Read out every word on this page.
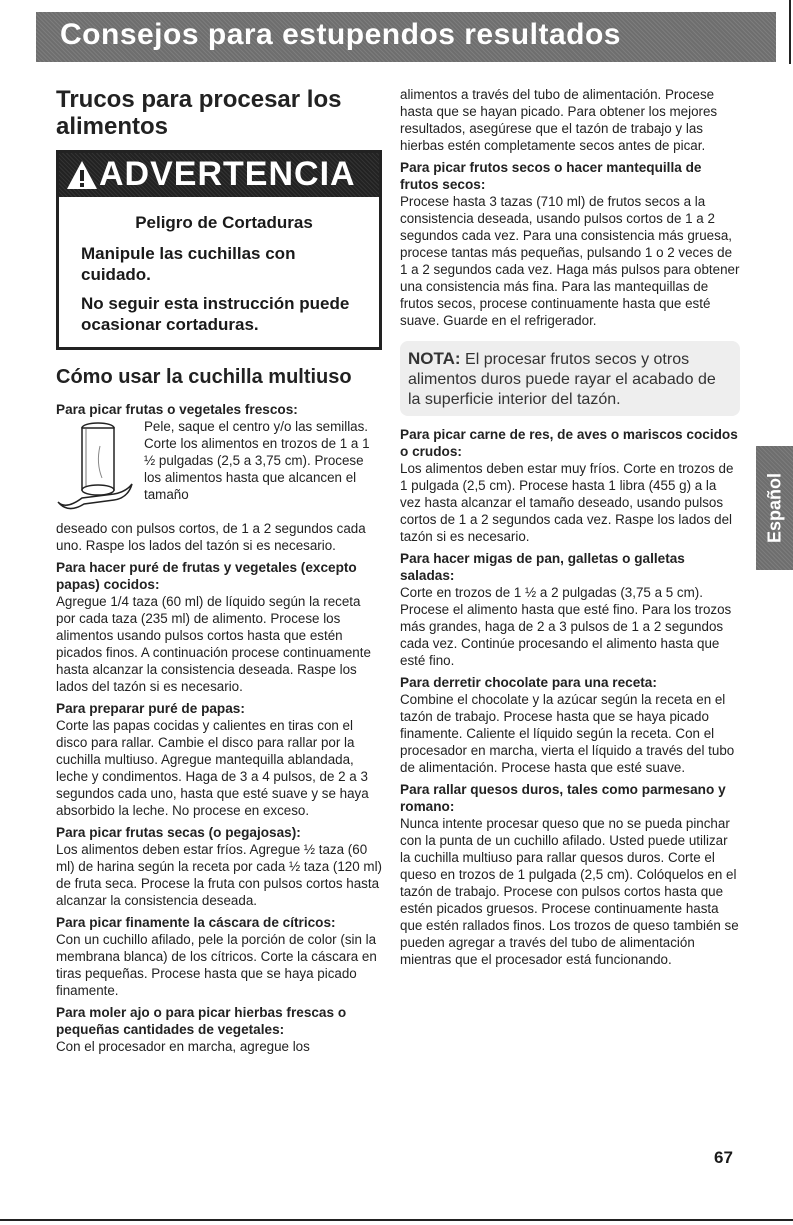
Consejos para estupendos resultados
Trucos para procesar los alimentos
ADVERTENCIA
Peligro de Cortaduras
Manipule las cuchillas con cuidado.
No seguir esta instrucción puede ocasionar cortaduras.
Cómo usar la cuchilla multiuso
Para picar frutas o vegetales frescos:

Pele, saque el centro y/o las semillas. Corte los alimentos en trozos de 1 a 1 ½ pulgadas (2,5 a 3,75 cm). Procese los alimentos hasta que alcancen el tamaño

deseado con pulsos cortos, de 1 a 2 segundos cada uno. Raspe los lados del tazón si es necesario.

Para hacer puré de frutas y vegetales (excepto papas) cocidos:

Agregue 1/4 taza (60 ml) de líquido según la receta por cada taza (235 ml) de alimento. Procese los alimentos usando pulsos cortos hasta que estén picados finos. A continuación procese continuamente hasta alcanzar la consistencia deseada. Raspe los lados del tazón si es necesario.

Para preparar puré de papas:

Corte las papas cocidas y calientes en tiras con el disco para rallar. Cambie el disco para rallar por la cuchilla multiuso. Agregue mantequilla ablandada, leche y condimentos. Haga de 3 a 4 pulsos, de 2 a 3 segundos cada uno, hasta que esté suave y se haya absorbido la leche. No procese en exceso.

Para picar frutas secas (o pegajosas):

Los alimentos deben estar fríos. Agregue ½ taza (60 ml) de harina según la receta por cada ½ taza (120 ml) de fruta seca. Procese la fruta con pulsos cortos hasta alcanzar la consistencia deseada.

Para picar finamente la cáscara de cítricos:

Con un cuchillo afilado, pele la porción de color (sin la membrana blanca) de los cítricos. Corte la cáscara en tiras pequeñas. Procese hasta que se haya picado finamente.

Para moler ajo o para picar hierbas frescas o pequeñas cantidades de vegetales:

Con el procesador en marcha, agregue los

alimentos a través del tubo de alimentación. Procese hasta que se hayan picado. Para obtener los mejores resultados, asegúrese que el tazón de trabajo y las hierbas estén completamente secos antes de picar.

Para picar frutos secos o hacer mantequilla de frutos secos:

Procese hasta 3 tazas (710 ml) de frutos secos a la consistencia deseada, usando pulsos cortos de 1 a 2 segundos cada vez. Para una consistencia más gruesa, procese tantas más pequeñas, pulsando 1 o 2 veces de 1 a 2 segundos cada vez. Haga más pulsos para obtener una consistencia más fina. Para las mantequillas de frutos secos, procese continuamente hasta que esté suave. Guarde en el refrigerador.

NOTA: El procesar frutos secos y otros alimentos duros puede rayar el acabado de la superficie interior del tazón.
Para picar carne de res, de aves o mariscos cocidos o crudos:

Los alimentos deben estar muy fríos. Corte en trozos de 1 pulgada (2,5 cm). Procese hasta 1 libra (455 g) a la vez hasta alcanzar el tamaño deseado, usando pulsos cortos de 1 a 2 segundos cada vez. Raspe los lados del tazón si es necesario.

Para hacer migas de pan, galletas o galletas saladas:

Corte en trozos de 1 ½ a 2 pulgadas (3,75 a 5 cm). Procese el alimento hasta que esté fino. Para los trozos más grandes, haga de 2 a 3 pulsos de 1 a 2 segundos cada vez. Continúe procesando el alimento hasta que esté fino.

Para derretir chocolate para una receta:

Combine el chocolate y la azúcar según la receta en el tazón de trabajo. Procese hasta que se haya picado finamente. Caliente el líquido según la receta. Con el procesador en marcha, vierta el líquido a través del tubo de alimentación. Procese hasta que esté suave.

Para rallar quesos duros, tales como parmesano y romano:

Nunca intente procesar queso que no se pueda pinchar con la punta de un cuchillo afilado. Usted puede utilizar la cuchilla multiuso para rallar quesos duros. Corte el queso en trozos de 1 pulgada (2,5 cm). Colóquelos en el tazón de trabajo. Procese con pulsos cortos hasta que estén picados gruesos. Procese continuamente hasta que estén rallados finos. Los trozos de queso también se pueden agregar a través del tubo de alimentación mientras que el procesador está funcionando.

Español
67
